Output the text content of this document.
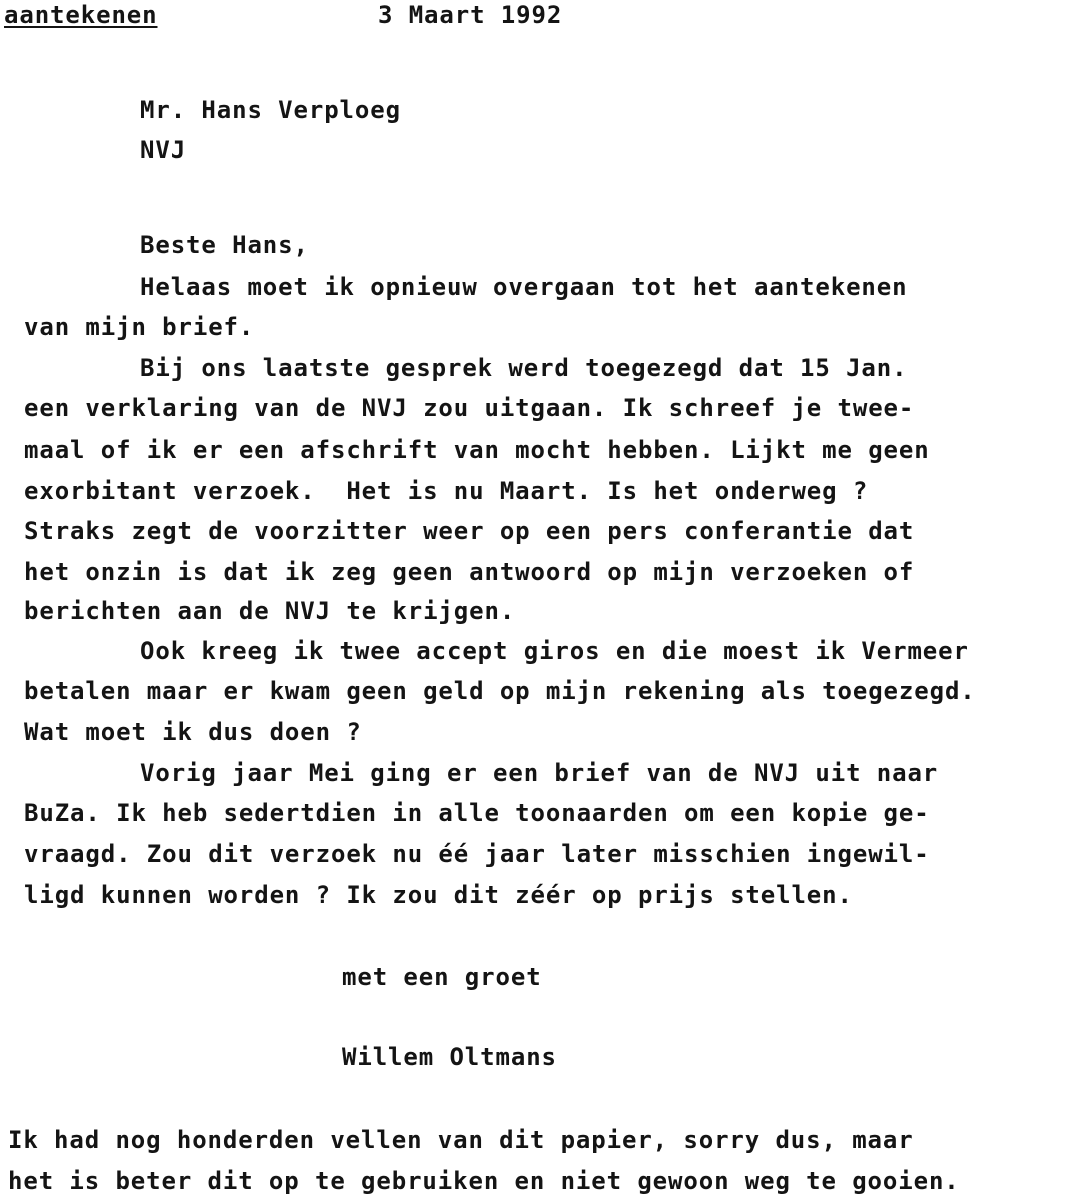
aantekenen	3 Maart 1992
Mr. Hans Verploeg
NVJ
Beste Hans,
Helaas moet ik opnieuw overgaan tot het aantekenen
van mijn brief.
Bij ons laatste gesprek werd toegezegd dat 15 Jan.
een verklaring van de NVJ zou uitgaan. Ik schreef je twee-
maal of ik er een afschrift van mocht hebben. Lijkt me geen
exorbitant verzoek.  Het is nu Maart. Is het onderweg ?
Straks zegt de voorzitter weer op een pers conferantie dat
het onzin is dat ik zeg geen antwoord op mijn verzoeken of
berichten aan de NVJ te krijgen.
Ook kreeg ik twee accept giros en die moest ik Vermeer
betalen maar er kwam geen geld op mijn rekening als toegezegd.
Wat moet ik dus doen ?
Vorig jaar Mei ging er een brief van de NVJ uit naar
BuZa. Ik heb sedertdien in alle toonaarden om een kopie ge-
vraagd. Zou dit verzoek nu éé jaar later misschien ingewil-
ligd kunnen worden ? Ik zou dit zéér op prijs stellen.
met een groet
Willem Oltmans
Ik had nog honderden vellen van dit papier, sorry dus, maar
het is beter dit op te gebruiken en niet gewoon weg te gooien.
